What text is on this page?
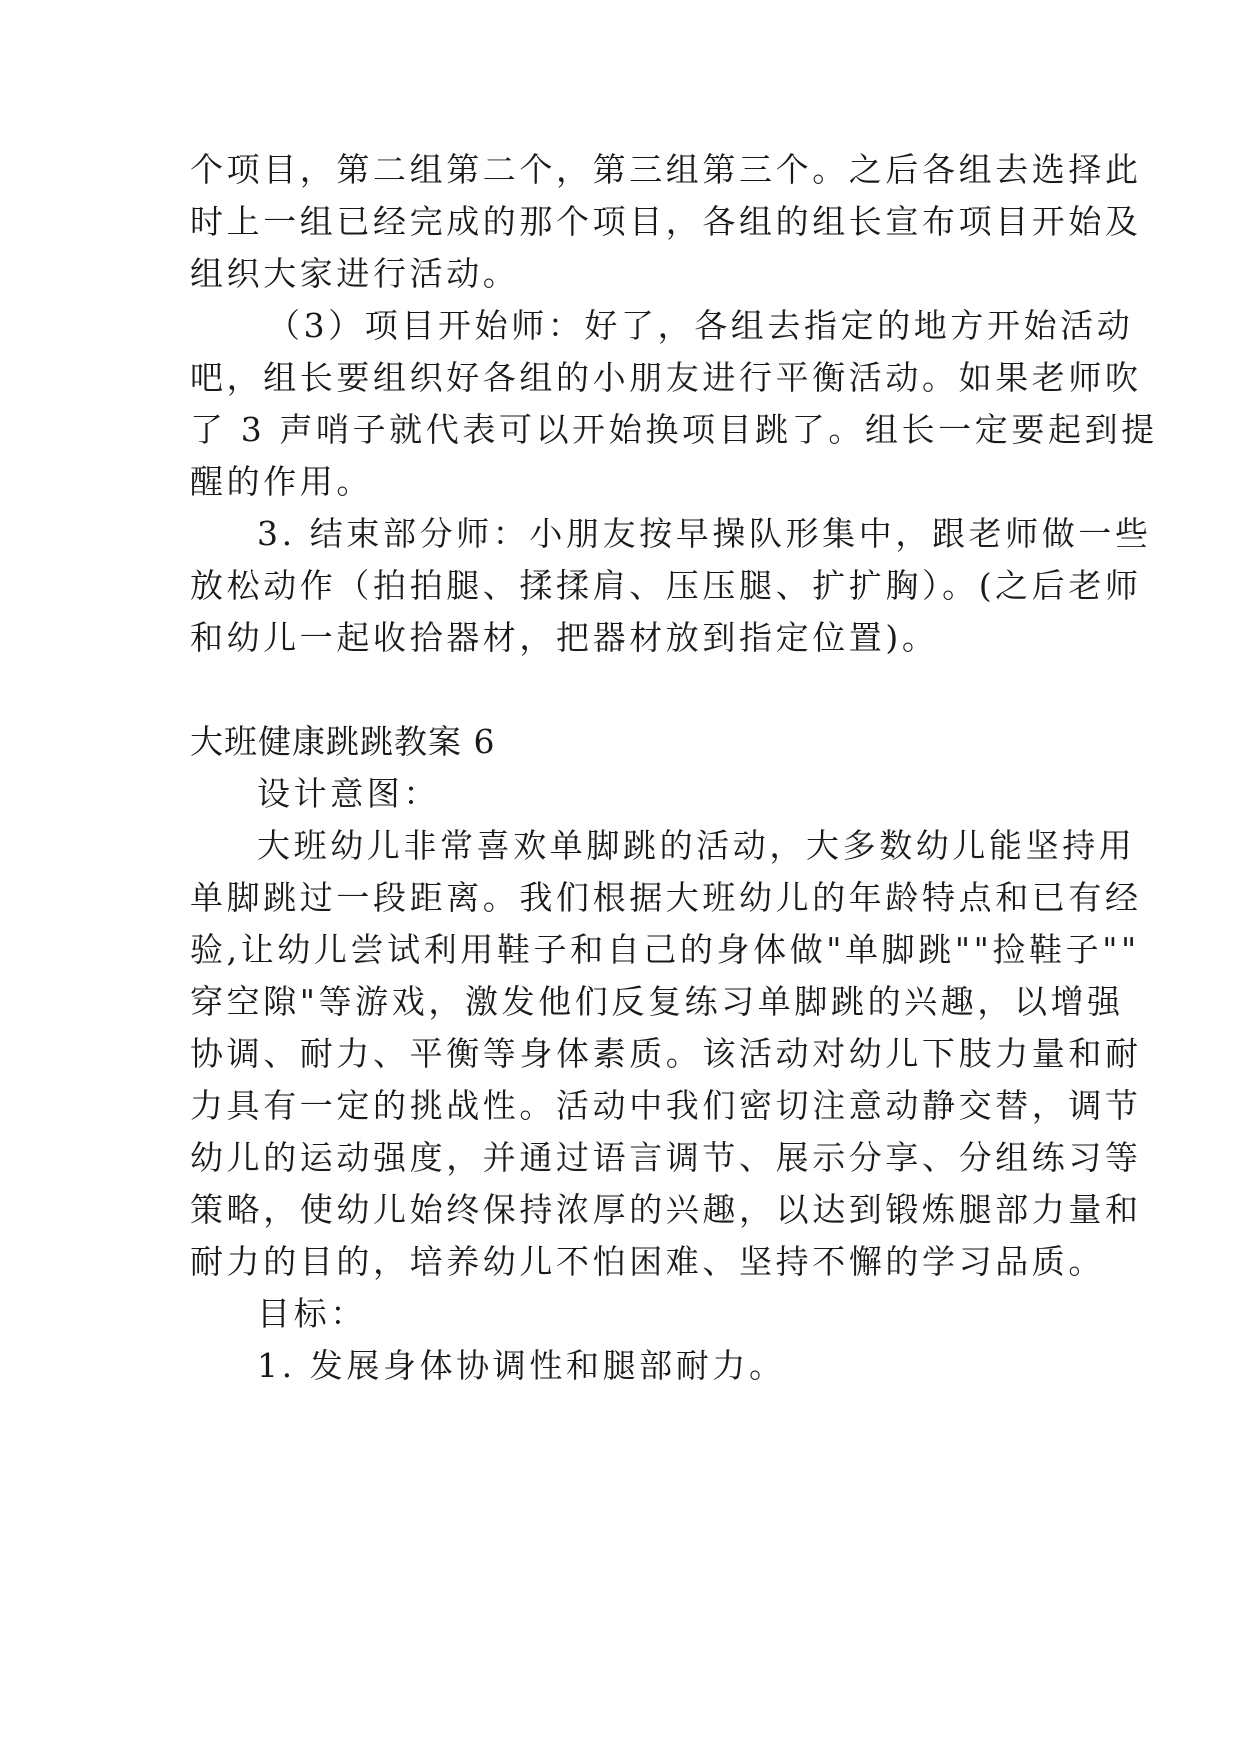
个项目，第二组第二个，第三组第三个。之后各组去选择此
时上一组已经完成的那个项目，各组的组长宣布项目开始及
组织大家进行活动。
（3）项目开始师：好了，各组去指定的地方开始活动
吧，组长要组织好各组的小朋友进行平衡活动。如果老师吹
了 3 声哨子就代表可以开始换项目跳了。组长一定要起到提
醒的作用。
3. 结束部分师：小朋友按早操队形集中，跟老师做一些
放松动作（拍拍腿、揉揉肩、压压腿、扩扩胸）。(之后老师
和幼儿一起收拾器材，把器材放到指定位置)。
大班健康跳跳教案 6
设计意图：
大班幼儿非常喜欢单脚跳的活动，大多数幼儿能坚持用
单脚跳过一段距离。我们根据大班幼儿的年龄特点和已有经
验,让幼儿尝试利用鞋子和自己的身体做"单脚跳""捡鞋子""
穿空隙"等游戏，激发他们反复练习单脚跳的兴趣，以增强
协调、耐力、平衡等身体素质。该活动对幼儿下肢力量和耐
力具有一定的挑战性。活动中我们密切注意动静交替，调节
幼儿的运动强度，并通过语言调节、展示分享、分组练习等
策略，使幼儿始终保持浓厚的兴趣，以达到锻炼腿部力量和
耐力的目的，培养幼儿不怕困难、坚持不懈的学习品质。
目标：
1. 发展身体协调性和腿部耐力。
